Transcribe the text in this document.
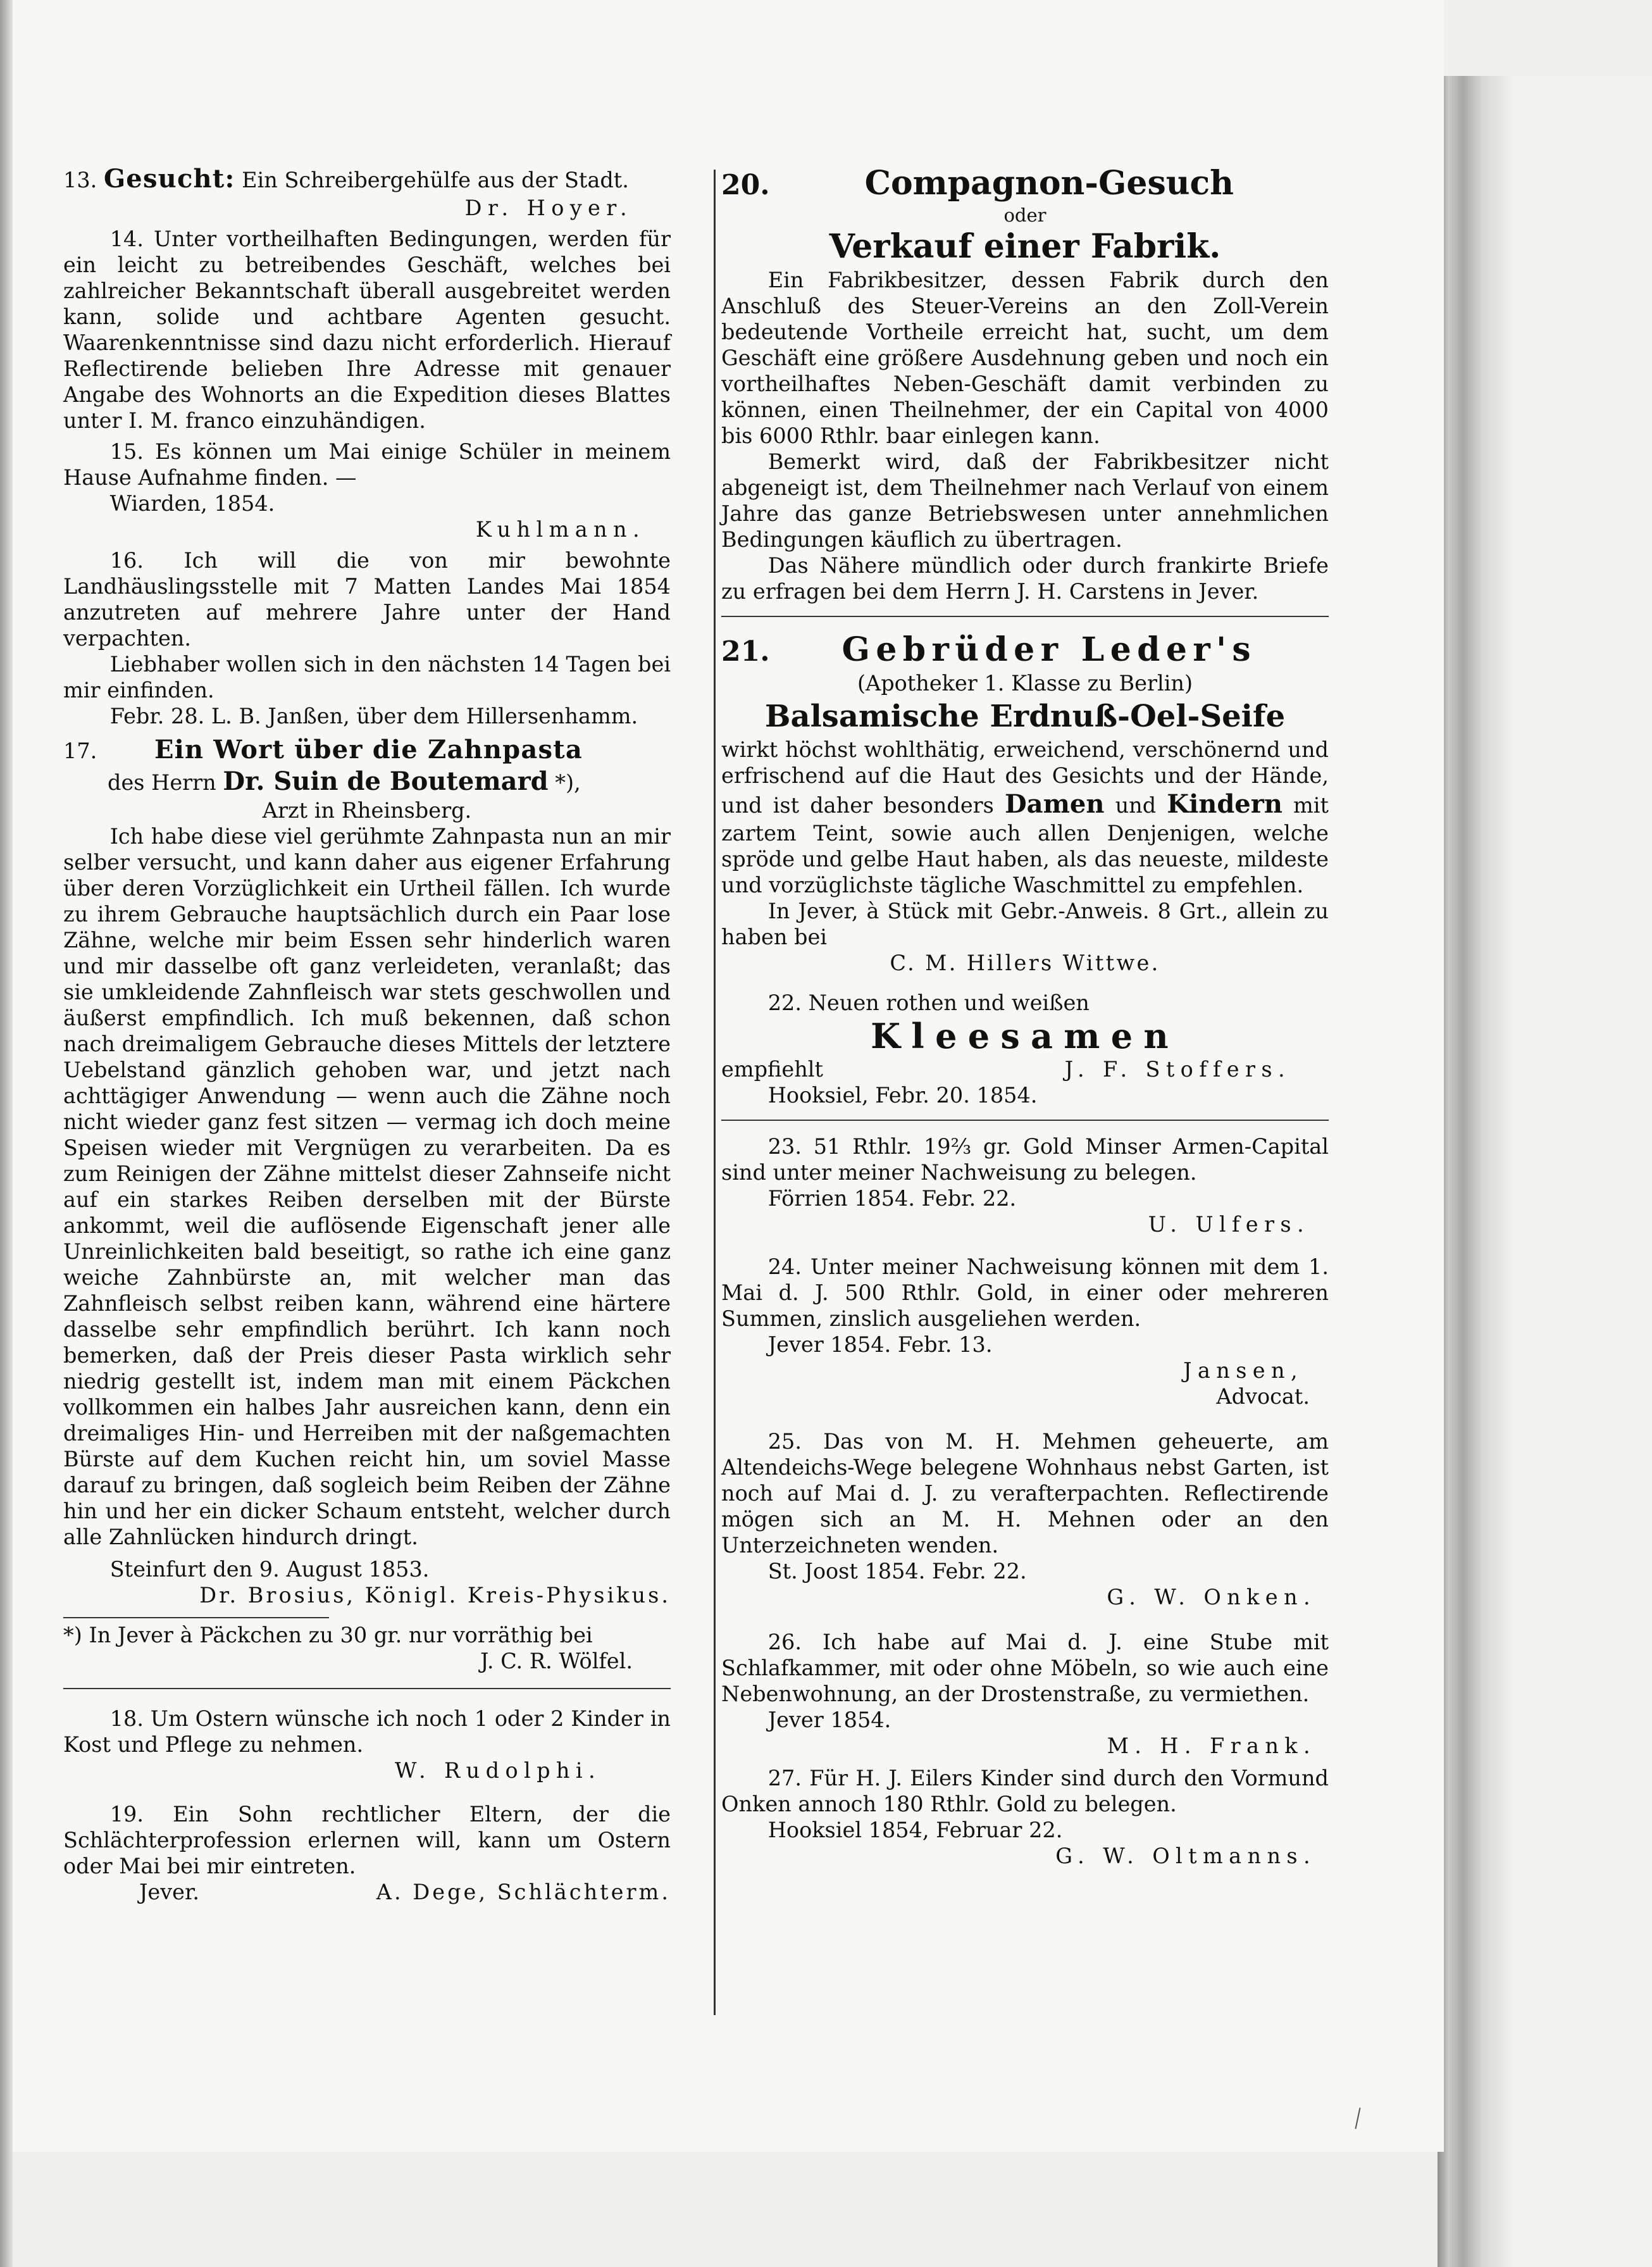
13. Gesucht: Ein Schreibergehülfe aus der Stadt.

Dr. Hoyer.

14. Unter vortheilhaften Bedingungen, werden für ein leicht zu betreibendes Geschäft, welches bei zahlreicher Bekanntschaft überall ausgebreitet werden kann, solide und achtbare Agenten gesucht. Waarenkenntnisse sind dazu nicht erforderlich. Hierauf Reflectirende belieben Ihre Adresse mit genauer Angabe des Wohnorts an die Expedition dieses Blattes unter I. M. franco einzuhändigen.

15. Es können um Mai einige Schüler in meinem Hause Aufnahme finden. —

Wiarden, 1854.

Kuhlmann.

16. Ich will die von mir bewohnte Landhäuslingsstelle mit 7 Matten Landes Mai 1854 anzutreten auf mehrere Jahre unter der Hand verpachten.

Liebhaber wollen sich in den nächsten 14 Tagen bei mir einfinden.

Febr. 28. L. B. Janßen, über dem Hillersenhamm.

17. Ein Wort über die Zahnpasta
des Herrn Dr. Suin de Boutemard *),
Arzt in Rheinsberg.

Ich habe diese viel gerühmte Zahnpasta nun an mir selber versucht, und kann daher aus eigener Erfahrung über deren Vorzüglichkeit ein Urtheil fällen. Ich wurde zu ihrem Gebrauche hauptsächlich durch ein Paar lose Zähne, welche mir beim Essen sehr hinderlich waren und mir dasselbe oft ganz verleideten, veranlaßt; das sie umkleidende Zahnfleisch war stets geschwollen und äußerst empfindlich. Ich muß bekennen, daß schon nach dreimaligem Gebrauche dieses Mittels der letztere Uebelstand gänzlich gehoben war, und jetzt nach achttägiger Anwendung — wenn auch die Zähne noch nicht wieder ganz fest sitzen — vermag ich doch meine Speisen wieder mit Vergnügen zu verarbeiten. Da es zum Reinigen der Zähne mittelst dieser Zahnseife nicht auf ein starkes Reiben derselben mit der Bürste ankommt, weil die auflösende Eigenschaft jener alle Unreinlichkeiten bald beseitigt, so rathe ich eine ganz weiche Zahnbürste an, mit welcher man das Zahnfleisch selbst reiben kann, während eine härtere dasselbe sehr empfindlich berührt. Ich kann noch bemerken, daß der Preis dieser Pasta wirklich sehr niedrig gestellt ist, indem man mit einem Päckchen vollkommen ein halbes Jahr ausreichen kann, denn ein dreimaliges Hin- und Herreiben mit der naßgemachten Bürste auf dem Kuchen reicht hin, um soviel Masse darauf zu bringen, daß sogleich beim Reiben der Zähne hin und her ein dicker Schaum entsteht, welcher durch alle Zahnlücken hindurch dringt.

Steinfurt den 9. August 1853.

Dr. Brosius, Königl. Kreis-Physikus.

*) In Jever à Päckchen zu 30 gr. nur vorräthig bei

J. C. R. Wölfel.

18. Um Ostern wünsche ich noch 1 oder 2 Kinder in Kost und Pflege zu nehmen.

W. Rudolphi.

19. Ein Sohn rechtlicher Eltern, der die Schlächterprofession erlernen will, kann um Ostern oder Mai bei mir eintreten.

Jever.	A. Dege, Schlächterm.
20.	Compagnon-Gesuch
oder
Verkauf einer Fabrik.

Ein Fabrikbesitzer, dessen Fabrik durch den Anschluß des Steuer-Vereins an den Zoll-Verein bedeutende Vortheile erreicht hat, sucht, um dem Geschäft eine größere Ausdehnung geben und noch ein vortheilhaftes Neben-Geschäft damit verbinden zu können, einen Theilnehmer, der ein Capital von 4000 bis 6000 Rthlr. baar einlegen kann.

Bemerkt wird, daß der Fabrikbesitzer nicht abgeneigt ist, dem Theilnehmer nach Verlauf von einem Jahre das ganze Betriebswesen unter annehmlichen Bedingungen käuflich zu übertragen.

Das Nähere mündlich oder durch frankirte Briefe zu erfragen bei dem Herrn J. H. Carstens in Jever.

21.	Gebrüder Leder's
(Apotheker 1. Klasse zu Berlin)
Balsamische Erdnuß-Oel-Seife

wirkt höchst wohlthätig, erweichend, verschönernd und erfrischend auf die Haut des Gesichts und der Hände, und ist daher besonders Damen und Kindern mit zartem Teint, sowie auch allen Denjenigen, welche spröde und gelbe Haut haben, als das neueste, mildeste und vorzüglichste tägliche Waschmittel zu empfehlen.

In Jever, à Stück mit Gebr.-Anweis. 8 Grt., allein zu haben bei

C. M. Hillers Wittwe.

22. Neuen rothen und weißen

Kleesamen
empfiehlt	J. F. Stoffers.

Hooksiel, Febr. 20. 1854.

23. 51 Rthlr. 19⅔ gr. Gold Minser Armen-Capital sind unter meiner Nachweisung zu belegen.

Förrien 1854. Febr. 22.

U. Ulfers.

24. Unter meiner Nachweisung können mit dem 1. Mai d. J. 500 Rthlr. Gold, in einer oder mehreren Summen, zinslich ausgeliehen werden.

Jever 1854. Febr. 13.

Jansen,
Advocat.

25. Das von M. H. Mehmen geheuerte, am Altendeichs-Wege belegene Wohnhaus nebst Garten, ist noch auf Mai d. J. zu verafterpachten. Reflectirende mögen sich an M. H. Mehnen oder an den Unterzeichneten wenden.

St. Joost 1854. Febr. 22.

G. W. Onken.

26. Ich habe auf Mai d. J. eine Stube mit Schlafkammer, mit oder ohne Möbeln, so wie auch eine Nebenwohnung, an der Drostenstraße, zu vermiethen.

Jever 1854.

M. H. Frank.

27. Für H. J. Eilers Kinder sind durch den Vormund Onken annoch 180 Rthlr. Gold zu belegen.

Hooksiel 1854, Februar 22.

G. W. Oltmanns.
